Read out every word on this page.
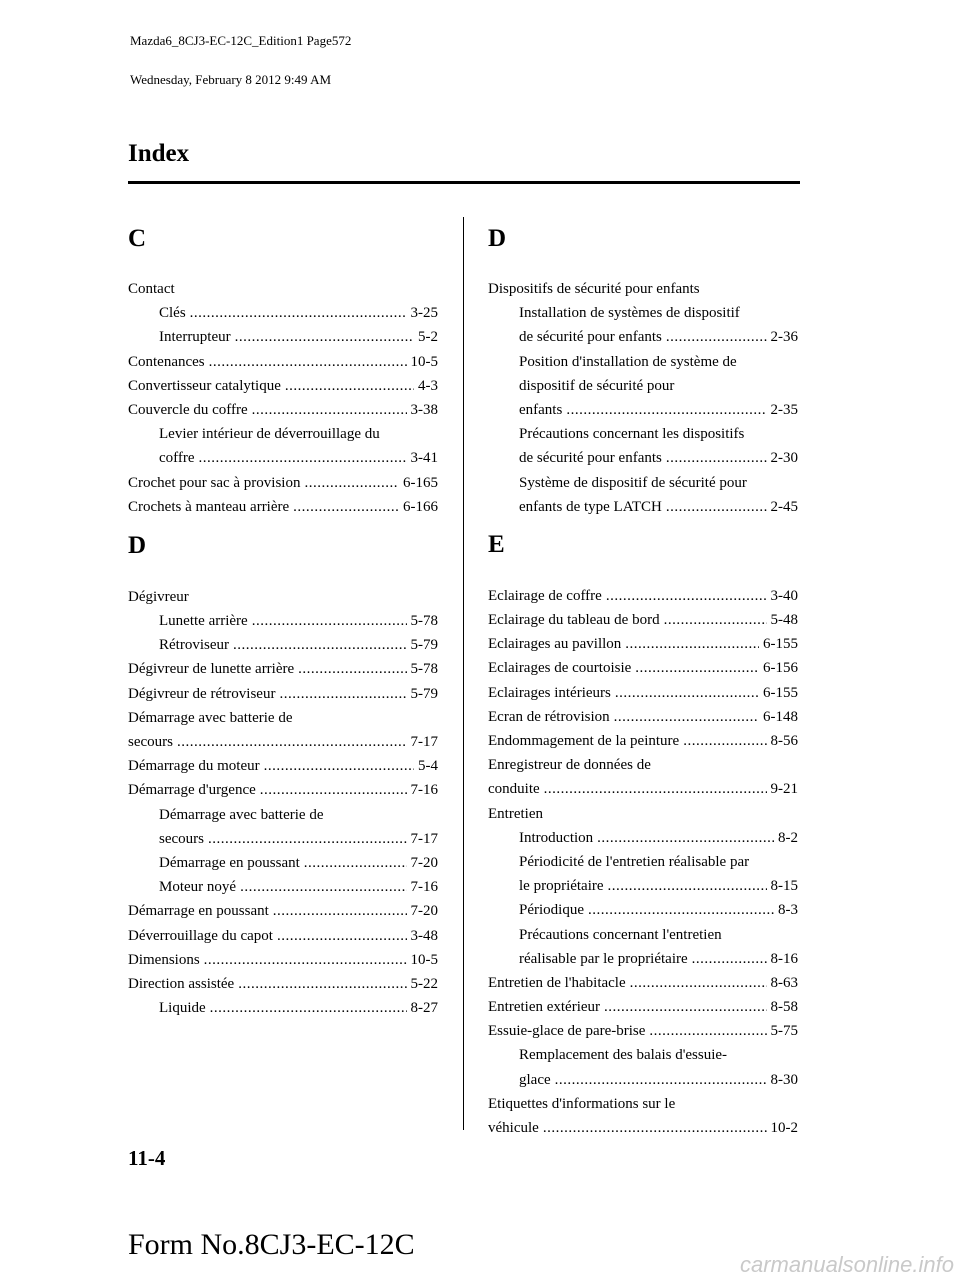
Mazda6_8CJ3-EC-12C_Edition1 Page572

Wednesday, February 8 2012 9:49 AM

Index
C
Contact
Clés .....	3-25
Interrupteur .....	5-2
Contenances .....	10-5
Convertisseur catalytique .....	4-3
Couvercle du coffre .....	3-38
Levier intérieur de déverrouillage du
coffre .....	3-41
Crochet pour sac à provision .....	6-165
Crochets à manteau arrière .....	6-166
D
Dégivreur
Lunette arrière .....	5-78
Rétroviseur .....	5-79
Dégivreur de lunette arrière .....	5-78
Dégivreur de rétroviseur .....	5-79
Démarrage avec batterie de
secours .....	7-17
Démarrage du moteur .....	5-4
Démarrage d'urgence .....	7-16
Démarrage avec batterie de
secours .....	7-17
Démarrage en poussant .....	7-20
Moteur noyé .....	7-16
Démarrage en poussant .....	7-20
Déverrouillage du capot .....	3-48
Dimensions .....	10-5
Direction assistée .....	5-22
Liquide .....	8-27
D
Dispositifs de sécurité pour enfants
Installation de systèmes de dispositif
de sécurité pour enfants .....	2-36
Position d'installation de système de
dispositif de sécurité pour
enfants .....	2-35
Précautions concernant les dispositifs
de sécurité pour enfants .....	2-30
Système de dispositif de sécurité pour
enfants de type LATCH .....	2-45
E
Eclairage de coffre .....	3-40
Eclairage du tableau de bord .....	5-48
Eclairages au pavillon .....	6-155
Eclairages de courtoisie .....	6-156
Eclairages intérieurs .....	6-155
Ecran de rétrovision .....	6-148
Endommagement de la peinture .....	8-56
Enregistreur de données de
conduite .....	9-21
Entretien
Introduction .....	8-2
Périodicité de l'entretien réalisable par
le propriétaire .....	8-15
Périodique .....	8-3
Précautions concernant l'entretien
réalisable par le propriétaire .....	8-16
Entretien de l'habitacle .....	8-63
Entretien extérieur .....	8-58
Essuie-glace de pare-brise .....	5-75
Remplacement des balais d'essuie-
glace .....	8-30
Etiquettes d'informations sur le
véhicule .....	10-2
11-4
Form No.8CJ3-EC-12C
carmanualsonline.info
